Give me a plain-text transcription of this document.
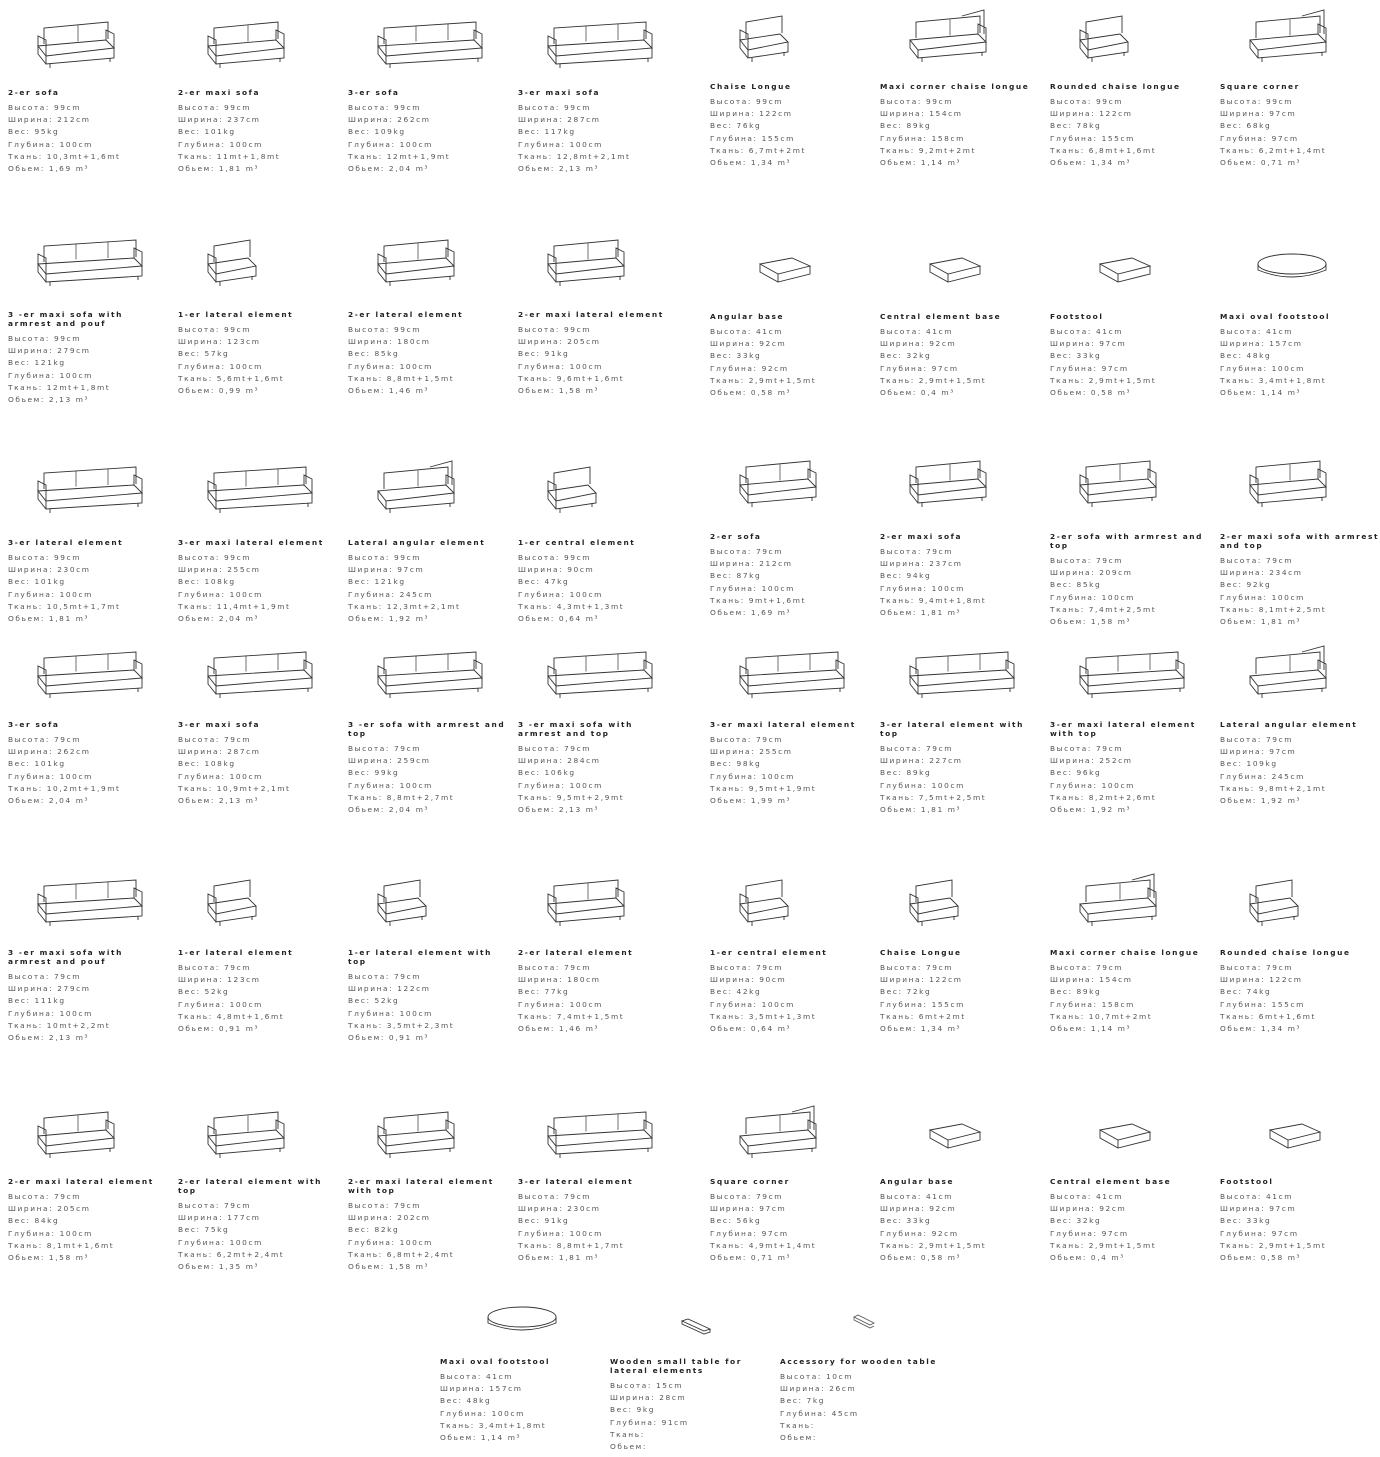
2-er sofa
Высота: 99cm
Ширина: 212cm
Вес: 95kg
Глубина: 100cm
Ткань: 10,3mt+1,6mt
Обьем: 1,69 m³
2-er maxi sofa
Высота: 99cm
Ширина: 237cm
Вес: 101kg
Глубина: 100cm
Ткань: 11mt+1,8mt
Обьем: 1,81 m³
3-er sofa
Высота: 99cm
Ширина: 262cm
Вес: 109kg
Глубина: 100cm
Ткань: 12mt+1,9mt
Обьем: 2,04 m³
3-er maxi sofa
Высота: 99cm
Ширина: 287cm
Вес: 117kg
Глубина: 100cm
Ткань: 12,8mt+2,1mt
Обьем: 2,13 m³
Chaise Longue
Высота: 99cm
Ширина: 122cm
Вес: 76kg
Глубина: 155cm
Ткань: 6,7mt+2mt
Обьем: 1,34 m³
Maxi corner chaise longue
Высота: 99cm
Ширина: 154cm
Вес: 89kg
Глубина: 158cm
Ткань: 9,2mt+2mt
Обьем: 1,14 m³
Rounded chaise longue
Высота: 99cm
Ширина: 122cm
Вес: 78kg
Глубина: 155cm
Ткань: 6,8mt+1,6mt
Обьем: 1,34 m³
Square corner
Высота: 99cm
Ширина: 97cm
Вес: 68kg
Глубина: 97cm
Ткань: 6,2mt+1,4mt
Обьем: 0,71 m³
3 -er maxi sofa with armrest and pouf
Высота: 99cm
Ширина: 279cm
Вес: 121kg
Глубина: 100cm
Ткань: 12mt+1,8mt
Обьем: 2,13 m³
1-er lateral element
Высота: 99cm
Ширина: 123cm
Вес: 57kg
Глубина: 100cm
Ткань: 5,6mt+1,6mt
Обьем: 0,99 m³
2-er lateral element
Высота: 99cm
Ширина: 180cm
Вес: 85kg
Глубина: 100cm
Ткань: 8,8mt+1,5mt
Обьем: 1,46 m³
2-er maxi lateral element
Высота: 99cm
Ширина: 205cm
Вес: 91kg
Глубина: 100cm
Ткань: 9,6mt+1,6mt
Обьем: 1,58 m³
Angular base
Высота: 41cm
Ширина: 92cm
Вес: 33kg
Глубина: 92cm
Ткань: 2,9mt+1,5mt
Обьем: 0,58 m³
Central element base
Высота: 41cm
Ширина: 92cm
Вес: 32kg
Глубина: 97cm
Ткань: 2,9mt+1,5mt
Обьем: 0,4 m³
Footstool
Высота: 41cm
Ширина: 97cm
Вес: 33kg
Глубина: 97cm
Ткань: 2,9mt+1,5mt
Обьем: 0,58 m³
Maxi oval footstool
Высота: 41cm
Ширина: 157cm
Вес: 48kg
Глубина: 100cm
Ткань: 3,4mt+1,8mt
Обьем: 1,14 m³
3-er lateral element
Высота: 99cm
Ширина: 230cm
Вес: 101kg
Глубина: 100cm
Ткань: 10,5mt+1,7mt
Обьем: 1,81 m³
3-er maxi lateral element
Высота: 99cm
Ширина: 255cm
Вес: 108kg
Глубина: 100cm
Ткань: 11,4mt+1,9mt
Обьем: 2,04 m³
Lateral angular element
Высота: 99cm
Ширина: 97cm
Вес: 121kg
Глубина: 245cm
Ткань: 12,3mt+2,1mt
Обьем: 1,92 m³
1-er central element
Высота: 99cm
Ширина: 90cm
Вес: 47kg
Глубина: 100cm
Ткань: 4,3mt+1,3mt
Обьем: 0,64 m³
2-er sofa
Высота: 79cm
Ширина: 212cm
Вес: 87kg
Глубина: 100cm
Ткань: 9mt+1,6mt
Обьем: 1,69 m³
2-er maxi sofa
Высота: 79cm
Ширина: 237cm
Вес: 94kg
Глубина: 100cm
Ткань: 9,4mt+1,8mt
Обьем: 1,81 m³
2-er sofa with armrest and top
Высота: 79cm
Ширина: 209cm
Вес: 85kg
Глубина: 100cm
Ткань: 7,4mt+2,5mt
Обьем: 1,58 m³
2-er maxi sofa with armrest and top
Высота: 79cm
Ширина: 234cm
Вес: 92kg
Глубина: 100cm
Ткань: 8,1mt+2,5mt
Обьем: 1,81 m³
3-er sofa
Высота: 79cm
Ширина: 262cm
Вес: 101kg
Глубина: 100cm
Ткань: 10,2mt+1,9mt
Обьем: 2,04 m³
3-er maxi sofa
Высота: 79cm
Ширина: 287cm
Вес: 108kg
Глубина: 100cm
Ткань: 10,9mt+2,1mt
Обьем: 2,13 m³
3 -er sofa with armrest and top
Высота: 79cm
Ширина: 259cm
Вес: 99kg
Глубина: 100cm
Ткань: 8,8mt+2,7mt
Обьем: 2,04 m³
3 -er maxi sofa with armrest and top
Высота: 79cm
Ширина: 284cm
Вес: 106kg
Глубина: 100cm
Ткань: 9,5mt+2,9mt
Обьем: 2,13 m³
3-er maxi lateral element
Высота: 79cm
Ширина: 255cm
Вес: 98kg
Глубина: 100cm
Ткань: 9,5mt+1,9mt
Обьем: 1,99 m³
3-er lateral element with top
Высота: 79cm
Ширина: 227cm
Вес: 89kg
Глубина: 100cm
Ткань: 7,5mt+2,5mt
Обьем: 1,81 m³
3-er maxi lateral element with top
Высота: 79cm
Ширина: 252cm
Вес: 96kg
Глубина: 100cm
Ткань: 8,2mt+2,6mt
Обьем: 1,92 m³
Lateral angular element
Высота: 79cm
Ширина: 97cm
Вес: 109kg
Глубина: 245cm
Ткань: 9,8mt+2,1mt
Обьем: 1,92 m³
3 -er maxi sofa with armrest and pouf
Высота: 79cm
Ширина: 279cm
Вес: 111kg
Глубина: 100cm
Ткань: 10mt+2,2mt
Обьем: 2,13 m³
1-er lateral element
Высота: 79cm
Ширина: 123cm
Вес: 52kg
Глубина: 100cm
Ткань: 4,8mt+1,6mt
Обьем: 0,91 m³
1-er lateral element with top
Высота: 79cm
Ширина: 122cm
Вес: 52kg
Глубина: 100cm
Ткань: 3,5mt+2,3mt
Обьем: 0,91 m³
2-er lateral element
Высота: 79cm
Ширина: 180cm
Вес: 77kg
Глубина: 100cm
Ткань: 7,4mt+1,5mt
Обьем: 1,46 m³
1-er central element
Высота: 79cm
Ширина: 90cm
Вес: 42kg
Глубина: 100cm
Ткань: 3,5mt+1,3mt
Обьем: 0,64 m³
Chaise Longue
Высота: 79cm
Ширина: 122cm
Вес: 72kg
Глубина: 155cm
Ткань: 6mt+2mt
Обьем: 1,34 m³
Maxi corner chaise longue
Высота: 79cm
Ширина: 154cm
Вес: 89kg
Глубина: 158cm
Ткань: 10,7mt+2mt
Обьем: 1,14 m³
Rounded chaise longue
Высота: 79cm
Ширина: 122cm
Вес: 74kg
Глубина: 155cm
Ткань: 6mt+1,6mt
Обьем: 1,34 m³
2-er maxi lateral element
Высота: 79cm
Ширина: 205cm
Вес: 84kg
Глубина: 100cm
Ткань: 8,1mt+1,6mt
Обьем: 1,58 m³
2-er lateral element with top
Высота: 79cm
Ширина: 177cm
Вес: 75kg
Глубина: 100cm
Ткань: 6,2mt+2,4mt
Обьем: 1,35 m³
2-er maxi lateral element with top
Высота: 79cm
Ширина: 202cm
Вес: 82kg
Глубина: 100cm
Ткань: 6,8mt+2,4mt
Обьем: 1,58 m³
3-er lateral element
Высота: 79cm
Ширина: 230cm
Вес: 91kg
Глубина: 100cm
Ткань: 8,8mt+1,7mt
Обьем: 1,81 m³
Square corner
Высота: 79cm
Ширина: 97cm
Вес: 56kg
Глубина: 97cm
Ткань: 4,9mt+1,4mt
Обьем: 0,71 m³
Angular base
Высота: 41cm
Ширина: 92cm
Вес: 33kg
Глубина: 92cm
Ткань: 2,9mt+1,5mt
Обьем: 0,58 m³
Central element base
Высота: 41cm
Ширина: 92cm
Вес: 32kg
Глубина: 97cm
Ткань: 2,9mt+1,5mt
Обьем: 0,4 m³
Footstool
Высота: 41cm
Ширина: 97cm
Вес: 33kg
Глубина: 97cm
Ткань: 2,9mt+1,5mt
Обьем: 0,58 m³
Maxi oval footstool
Высота: 41cm
Ширина: 157cm
Вес: 48kg
Глубина: 100cm
Ткань: 3,4mt+1,8mt
Обьем: 1,14 m³
Wooden small table for lateral elements
Высота: 15cm
Ширина: 28cm
Вес: 9kg
Глубина: 91cm
Ткань:
Обьем:
Accessory for wooden table
Высота: 10cm
Ширина: 26cm
Вес: 7kg
Глубина: 45cm
Ткань:
Обьем:
